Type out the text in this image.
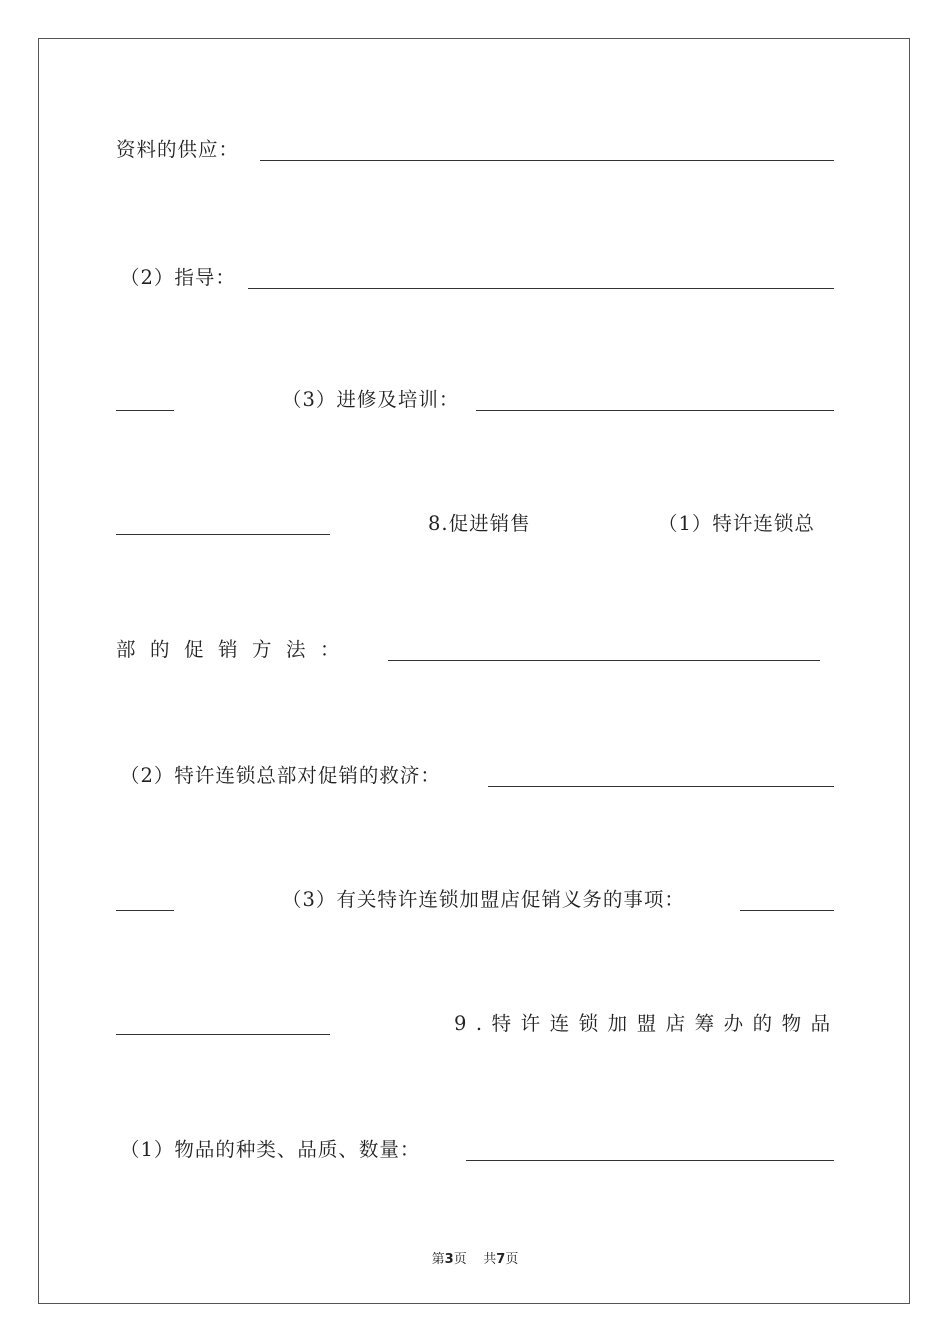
资料的供应：
（2）指导：
（3）进修及培训：
8.促进销售	（1）特许连锁总
部的促销方法：
（2）特许连锁总部对促销的救济：
（3）有关特许连锁加盟店促销义务的事项：
9.特许连锁加盟店筹办的物品
（1）物品的种类、品质、数量：
第3页 共7页
